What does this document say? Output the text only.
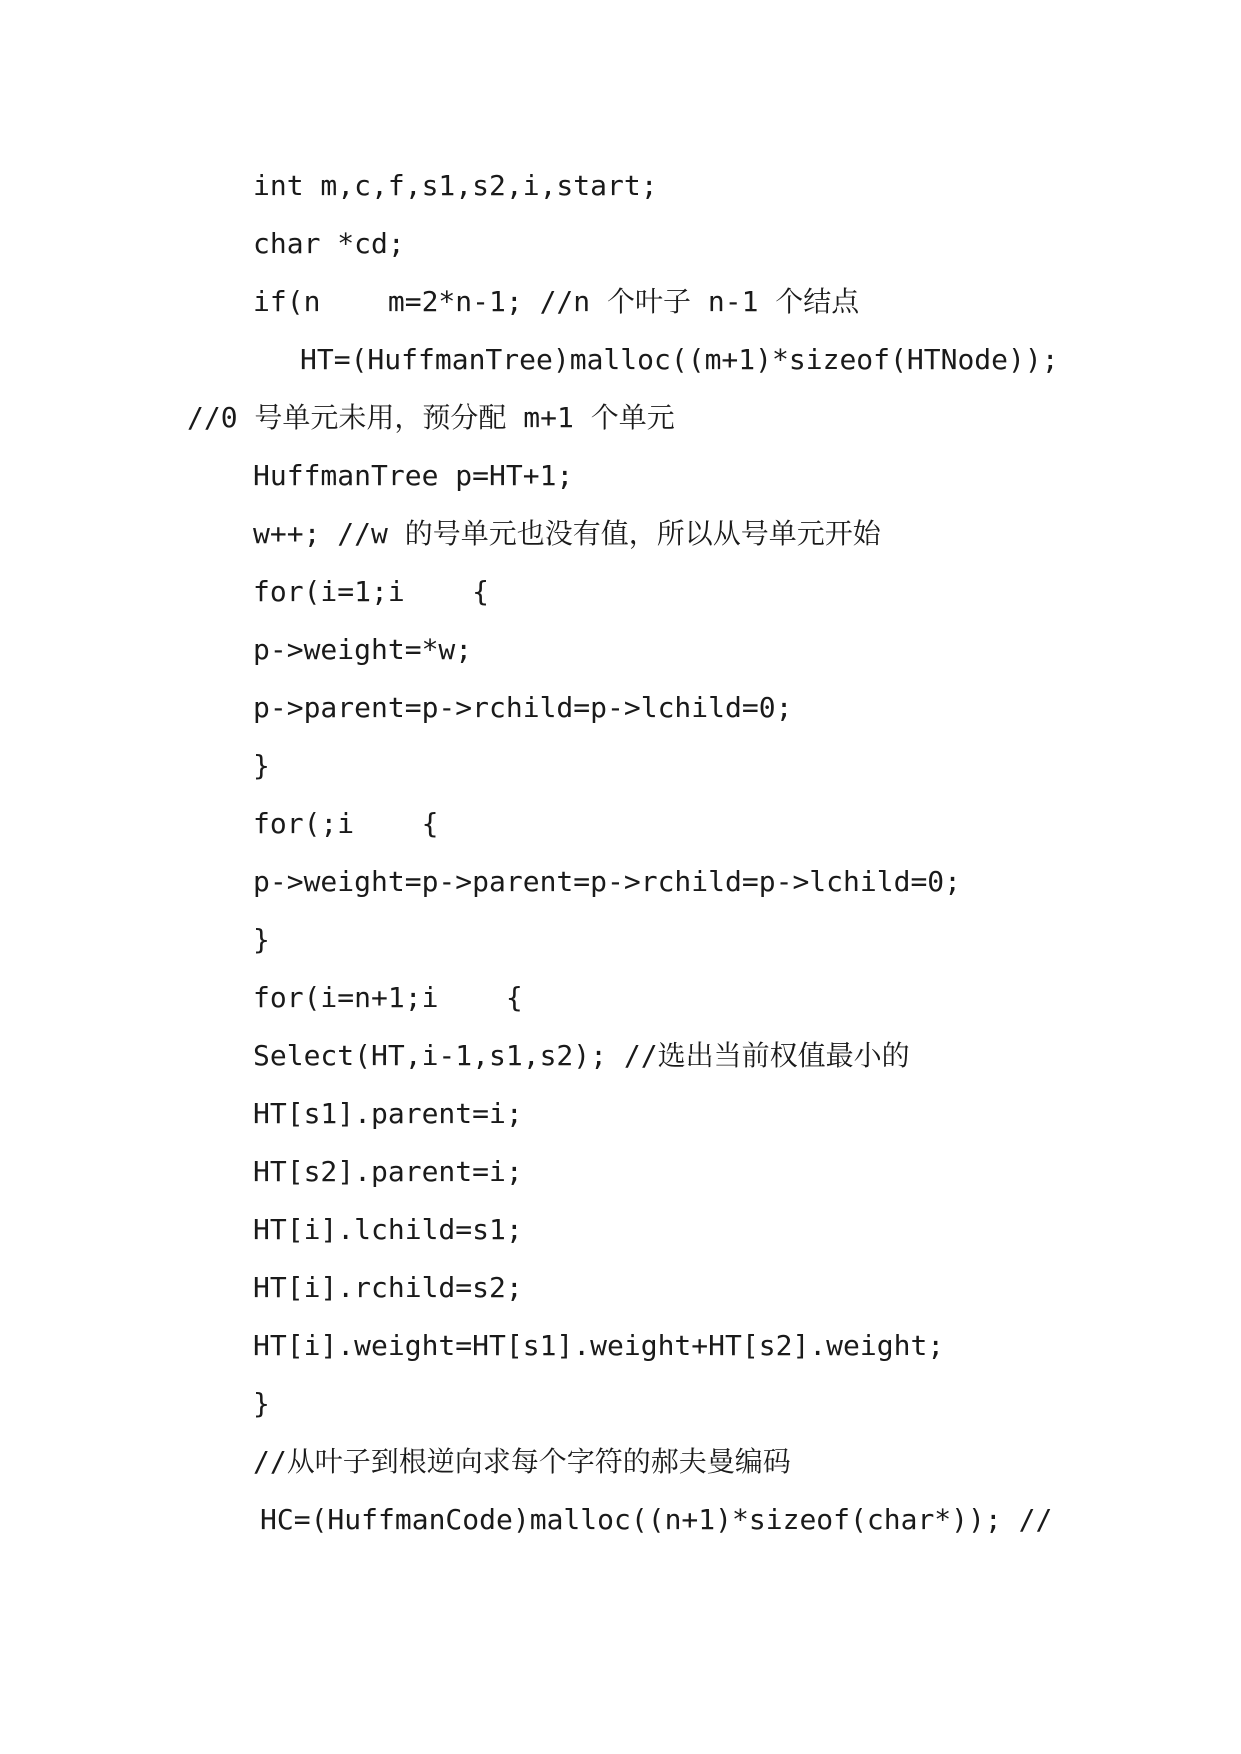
int m,c,f,s1,s2,i,start;
char *cd;
if(n    m=2*n-1; //n 个叶子 n-1 个结点
HT=(HuffmanTree)malloc((m+1)*sizeof(HTNode));
//0 号单元未用，预分配 m+1 个单元
HuffmanTree p=HT+1;
w++; //w 的号单元也没有值，所以从号单元开始
for(i=1;i    {
p->weight=*w;
p->parent=p->rchild=p->lchild=0;
}
for(;i    {
p->weight=p->parent=p->rchild=p->lchild=0;
}
for(i=n+1;i    {
Select(HT,i-1,s1,s2); //选出当前权值最小的
HT[s1].parent=i;
HT[s2].parent=i;
HT[i].lchild=s1;
HT[i].rchild=s2;
HT[i].weight=HT[s1].weight+HT[s2].weight;
}
//从叶子到根逆向求每个字符的郝夫曼编码
HC=(HuffmanCode)malloc((n+1)*sizeof(char*)); //
